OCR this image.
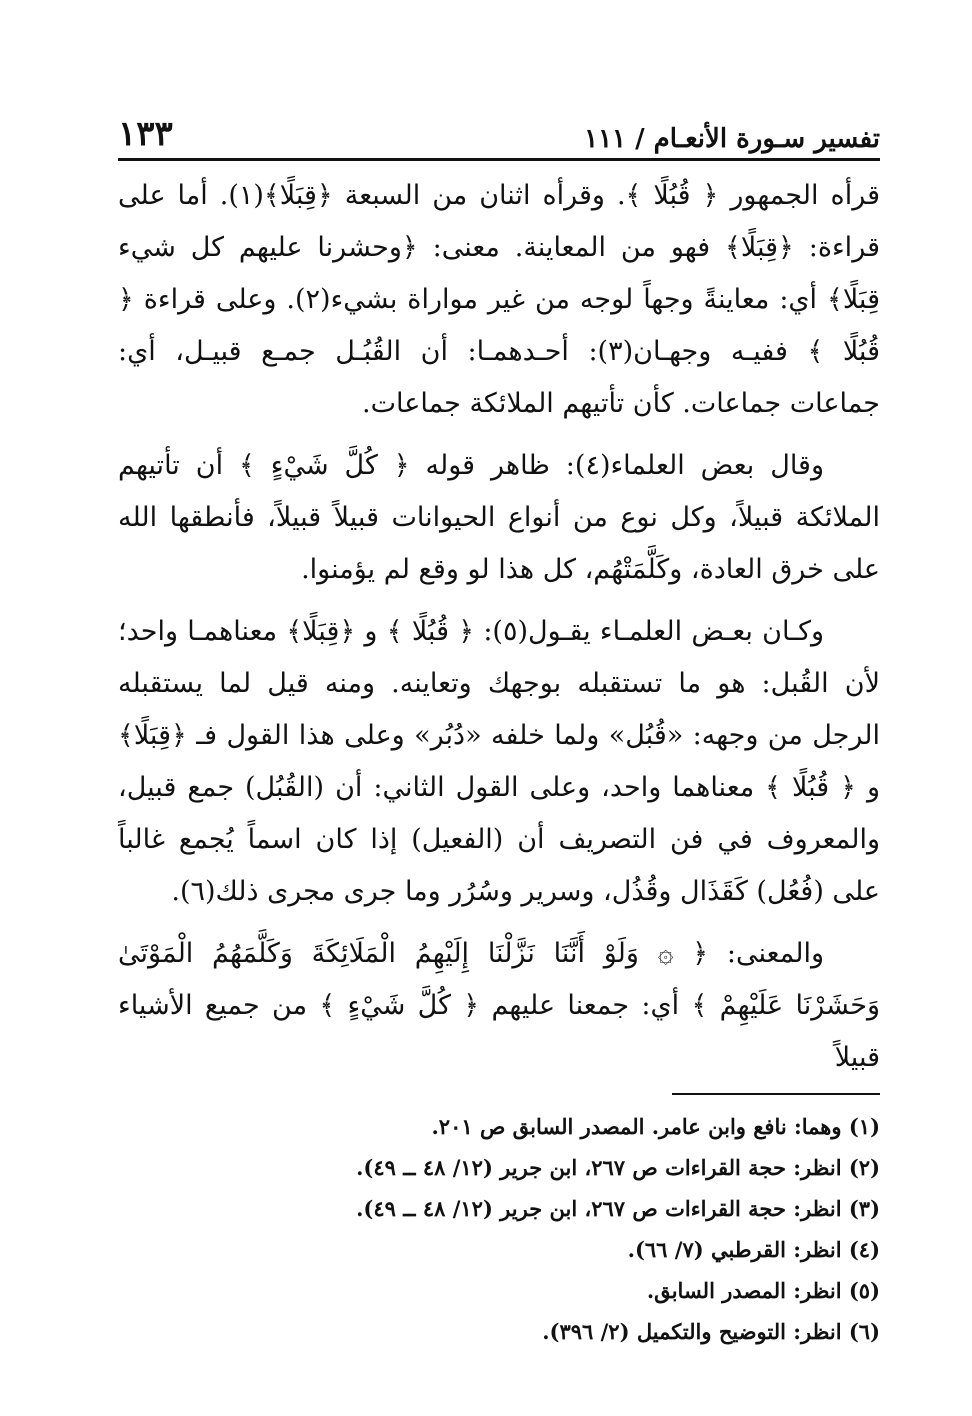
تفسير سـورة الأنعـام / ١١١
١٣٣

قرأه الجمهور ﴿ قُبُلًا ﴾. وقرأه اثنان من السبعة ﴿قِبَلًا﴾(١). أما على قراءة: ﴿قِبَلًا﴾ فهو من المعاينة. معنى: ﴿وحشرنا عليهم كل شيء قِبَلًا﴾ أي: معاينةً وجهاً لوجه من غير مواراة بشيء(٢). وعلى قراءة ﴿ قُبُلًا ﴾ ففيـه وجهـان(٣): أحـدهمـا: أن القُبُـل جمـع قبيـل، أي: جماعات جماعات. كأن تأتيهم الملائكة جماعات.

وقال بعض العلماء(٤): ظاهر قوله ﴿ كُلَّ شَيْءٍ ﴾ أن تأتيهم الملائكة قبيلاً، وكل نوع من أنواع الحيوانات قبيلاً قبيلاً، فأنطقها الله على خرق العادة، وكَلَّمَتْهُم، كل هذا لو وقع لم يؤمنوا.

وكـان بعـض العلمـاء يقـول(٥): ﴿ قُبُلًا ﴾ و ﴿قِبَلًا﴾ معناهمـا واحد؛ لأن القُبل: هو ما تستقبله بوجهك وتعاينه. ومنه قيل لما يستقبله الرجل من وجهه: «قُبُل» ولما خلفه «دُبُر» وعلى هذا القول فـ ﴿قِبَلًا﴾ و ﴿ قُبُلًا ﴾ معناهما واحد، وعلى القول الثاني: أن (القُبُل) جمع قبيل، والمعروف في فن التصريف أن (الفعيل) إذا كان اسماً يُجمع غالباً على (فُعُل) كَقَذَال وقُذُل، وسرير وسُرُر وما جرى مجرى ذلك(٦).

والمعنى: ﴿ ۞ وَلَوْ أَنَّنَا نَزَّلْنَا إِلَيْهِمُ الْمَلَائِكَةَ وَكَلَّمَهُمُ الْمَوْتَىٰ وَحَشَرْنَا عَلَيْهِمْ ﴾ أي: جمعنا عليهم ﴿ كُلَّ شَيْءٍ ﴾ من جميع الأشياء قبيلاً

(١) وهما: نافع وابن عامر. المصدر السابق ص ٢٠١.
(٢) انظر: حجة القراءات ص ٢٦٧، ابن جرير (١٢/ ٤٨ ــ ٤٩).
(٣) انظر: حجة القراءات ص ٢٦٧، ابن جرير (١٢/ ٤٨ ــ ٤٩).
(٤) انظر: القرطبي (٧/ ٦٦).
(٥) انظر: المصدر السابق.
(٦) انظر: التوضيح والتكميل (٢/ ٣٩٦).
